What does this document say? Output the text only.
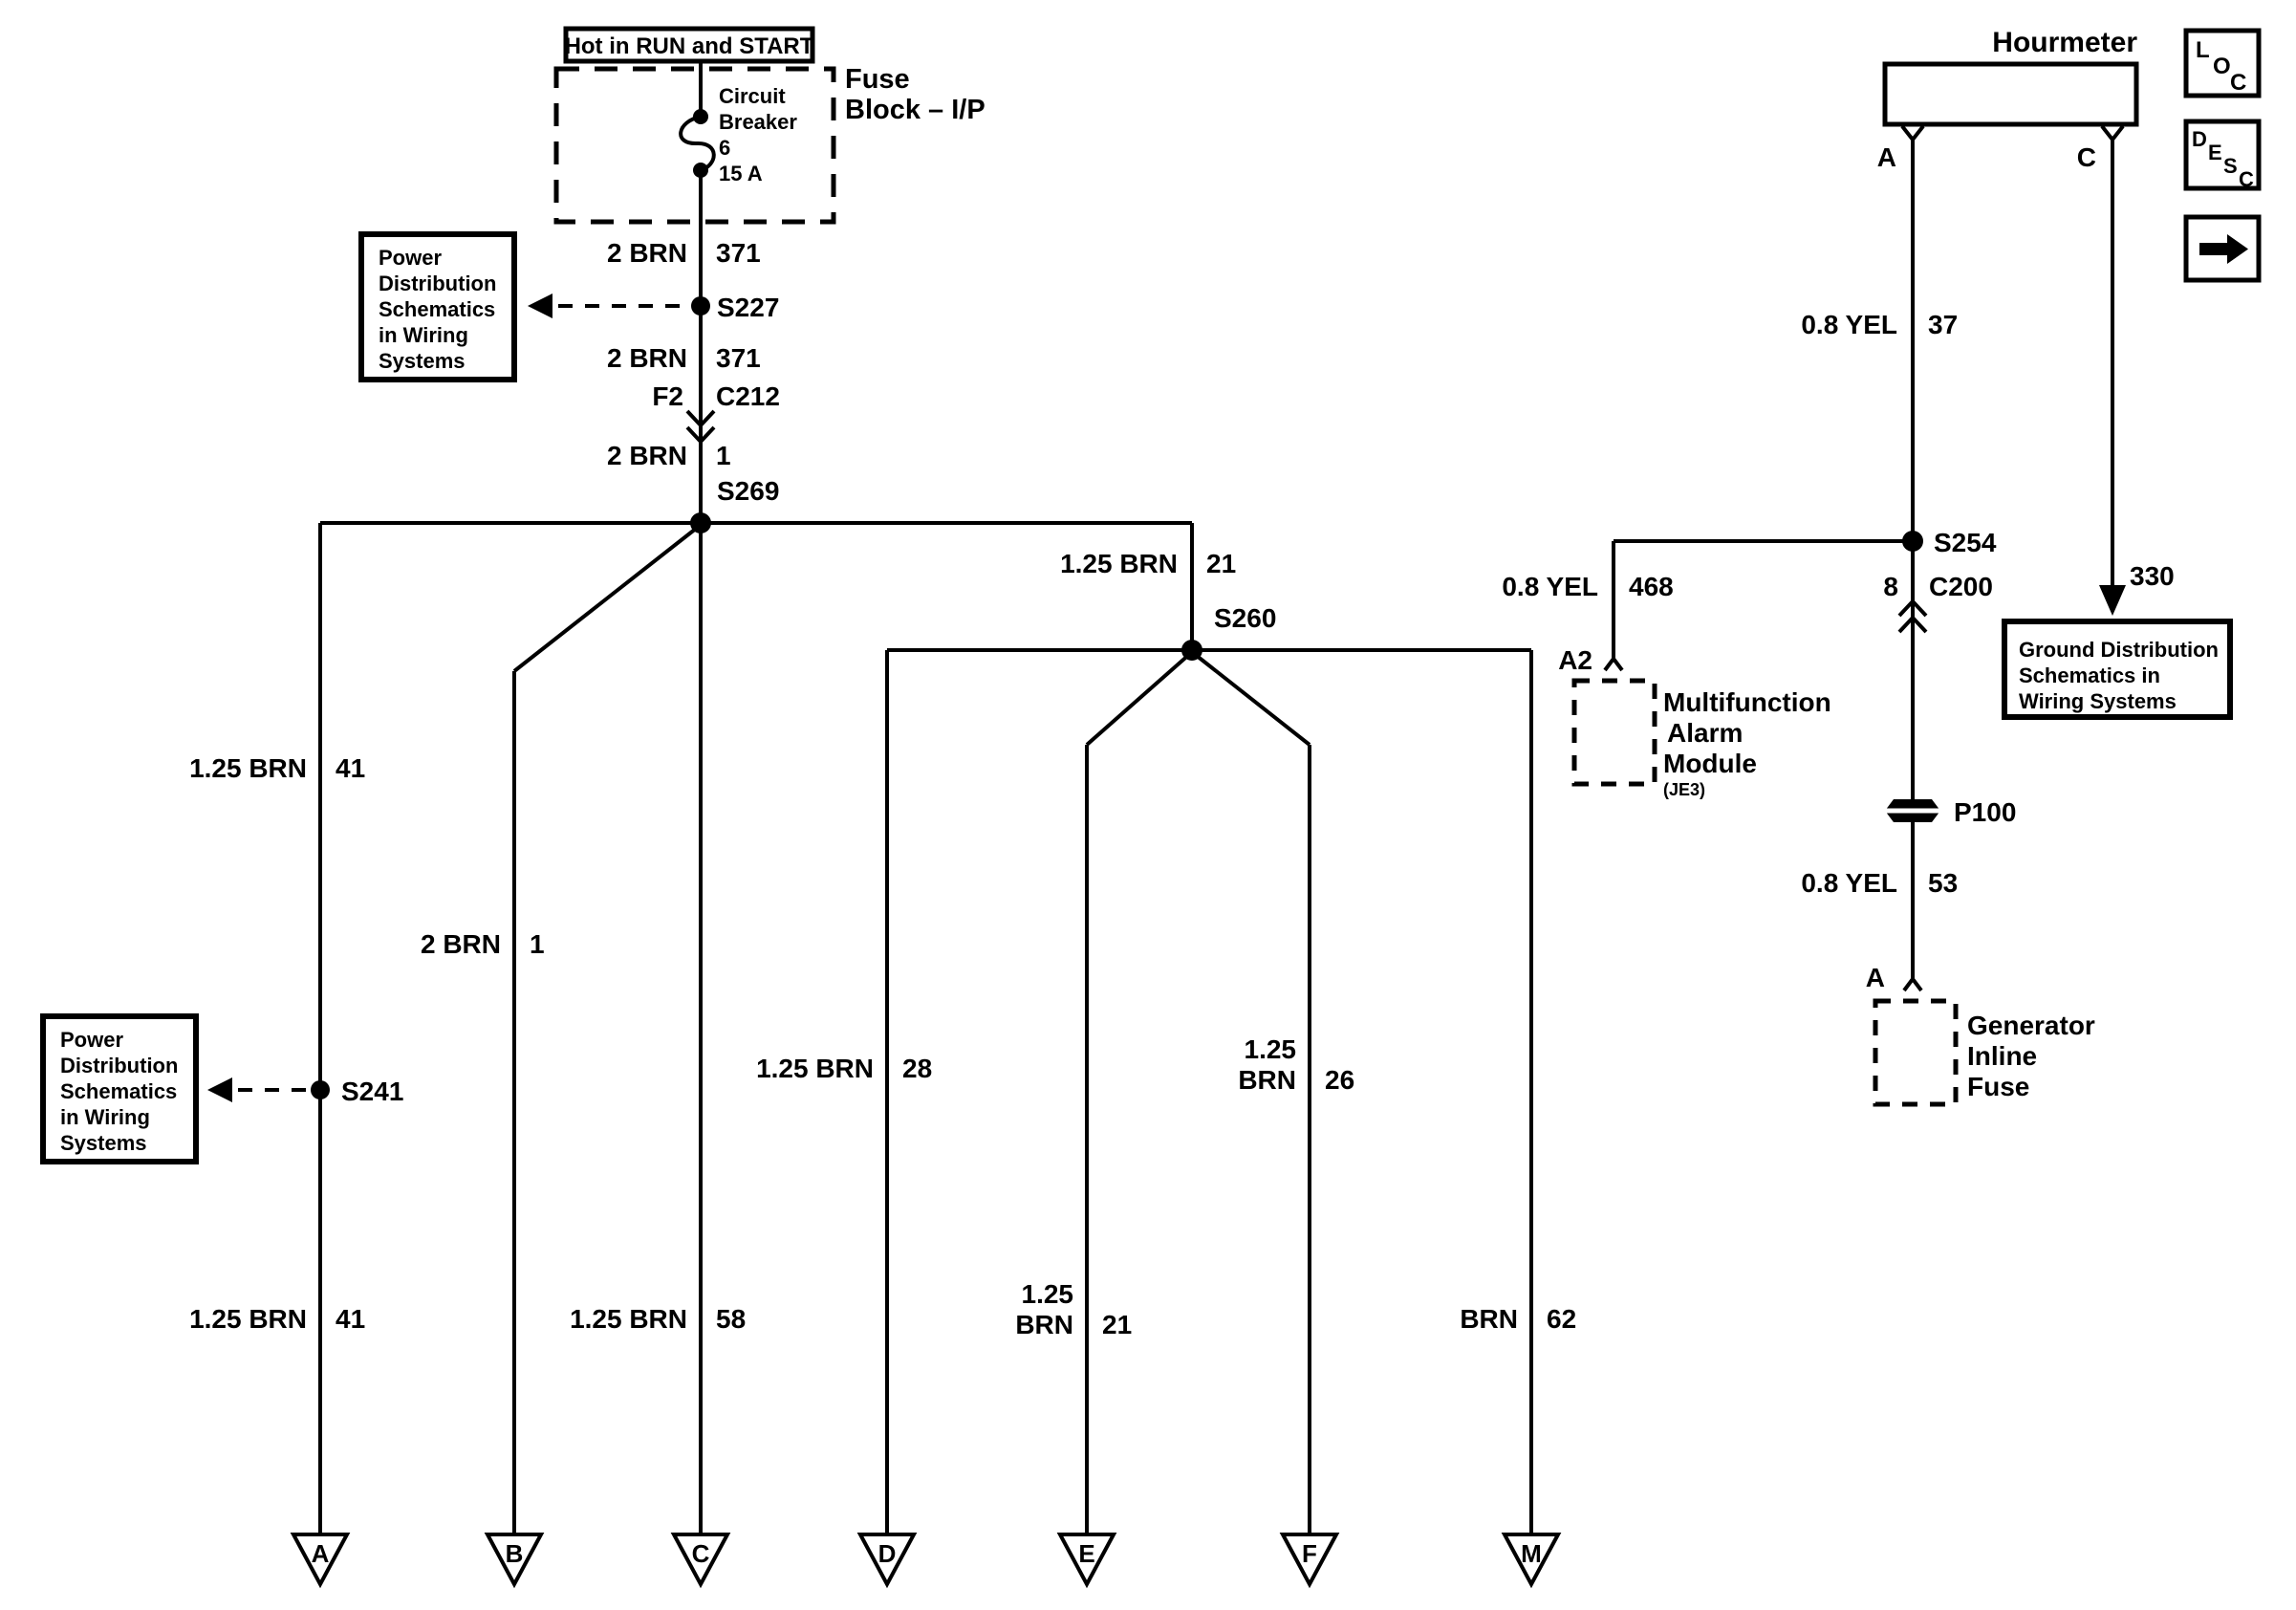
Hot in RUN and START
Fuse
Block – I/P
Circuit
Breaker
6
15 A
2 BRN 371
S227
2 BRN 371
F2 C212
2 BRN 1
S269
1.25 BRN 21
S260
Power
Distribution
Schematics
in Wiring
Systems
1.25 BRN 41
2 BRN 1
1.25 BRN 28
1.25
BRN 26
S241
1.25 BRN 41	1.25 BRN 58
1.25
BRN 21	BRN 62
Power
Distribution
Schematics
in Wiring
Systems
A	B	C	D	E	F	M
Hourmeter
A	C
0.8 YEL 37
S254
0.8 YEL 468	8 C200
P100
0.8 YEL 53
A2
Multifunction
Alarm
Module
(JE3)
A
Generator
Inline
Fuse
330
Ground Distribution
Schematics in
Wiring Systems
L
O
C
D
E
S
C
